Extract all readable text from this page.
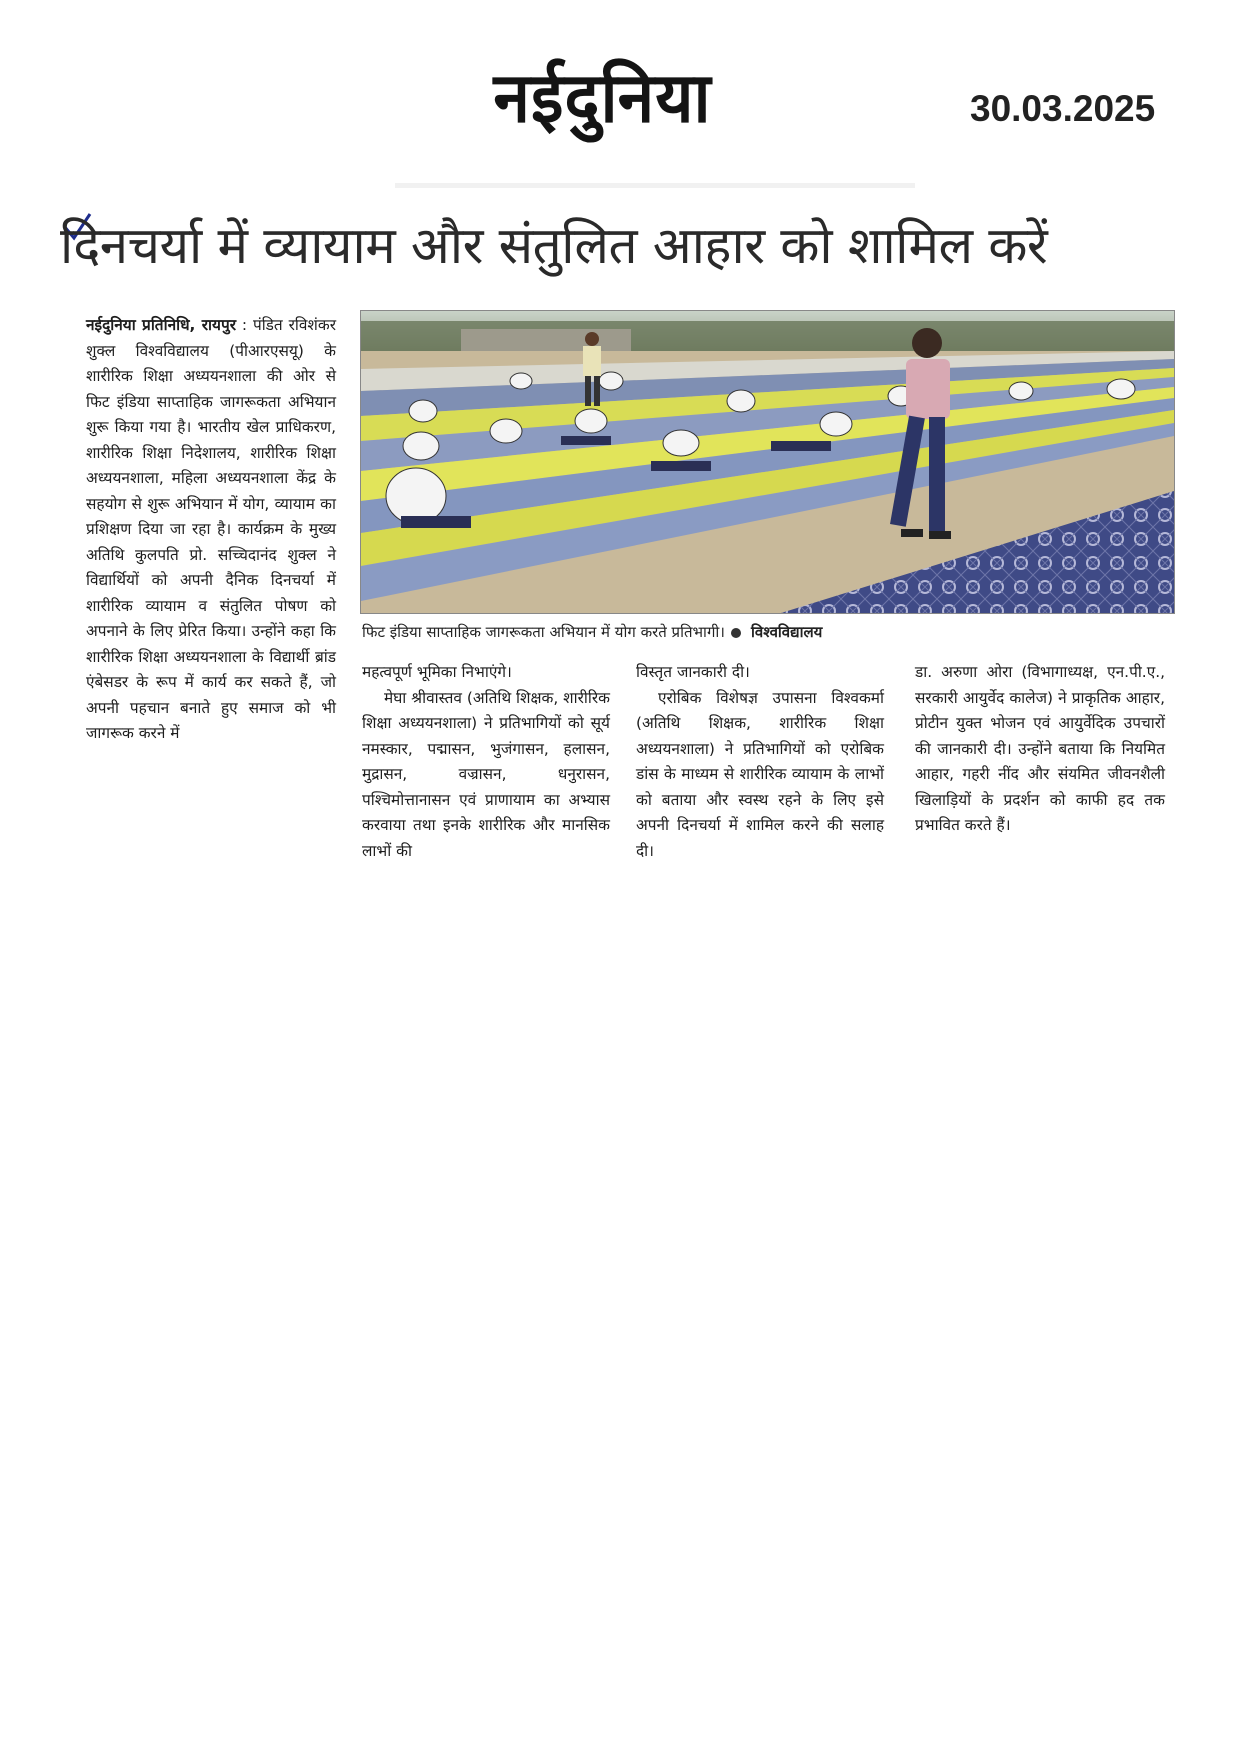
नईदुनिया	30.03.2025
दिनचर्या में व्यायाम और संतुलित आहार को शामिल करें

नईदुनिया प्रतिनिधि, रायपुर : पंडित रविशंकर शुक्ल विश्वविद्यालय (पीआरएसयू) के शारीरिक शिक्षा अध्ययनशाला की ओर से फिट इंडिया साप्ताहिक जागरूकता अभियान शुरू किया गया है। भारतीय खेल प्राधिकरण, शारीरिक शिक्षा निदेशालय, शारीरिक शिक्षा अध्ययनशाला, महिला अध्ययनशाला केंद्र के सहयोग से शुरू अभियान में योग, व्यायाम का प्रशिक्षण दिया जा रहा है। कार्यक्रम के मुख्य अतिथि कुलपति प्रो. सच्चिदानंद शुक्ल ने विद्यार्थियों को अपनी दैनिक दिनचर्या में शारीरिक व्यायाम व संतुलित पोषण को अपनाने के लिए प्रेरित किया। उन्होंने कहा कि शारीरिक शिक्षा अध्ययनशाला के विद्यार्थी ब्रांड एंबेसडर के रूप में कार्य कर सकते हैं, जो अपनी पहचान बनाते हुए समाज को भी जागरूक करने में

फिट इंडिया साप्ताहिक जागरूकता अभियान में योग करते प्रतिभागी। विश्वविद्यालय

महत्वपूर्ण भूमिका निभाएंगे।

मेघा श्रीवास्तव (अतिथि शिक्षक, शारीरिक शिक्षा अध्ययनशाला) ने प्रतिभागियों को सूर्य नमस्कार, पद्मासन, भुजंगासन, हलासन, मुद्रासन, वज्रासन, धनुरासन, पश्चिमोत्तानासन एवं प्राणायाम का अभ्यास करवाया तथा इनके शारीरिक और मानसिक लाभों की

विस्तृत जानकारी दी।

एरोबिक विशेषज्ञ उपासना विश्वकर्मा (अतिथि शिक्षक, शारीरिक शिक्षा अध्ययनशाला) ने प्रतिभागियों को एरोबिक डांस के माध्यम से शारीरिक व्यायाम के लाभों को बताया और स्वस्थ रहने के लिए इसे अपनी दिनचर्या में शामिल करने की सलाह दी।

डा. अरुणा ओरा (विभागाध्यक्ष, एन.पी.ए., सरकारी आयुर्वेद कालेज) ने प्राकृतिक आहार, प्रोटीन युक्त भोजन एवं आयुर्वेदिक उपचारों की जानकारी दी। उन्होंने बताया कि नियमित आहार, गहरी नींद और संयमित जीवनशैली खिलाड़ियों के प्रदर्शन को काफी हद तक प्रभावित करते हैं।
